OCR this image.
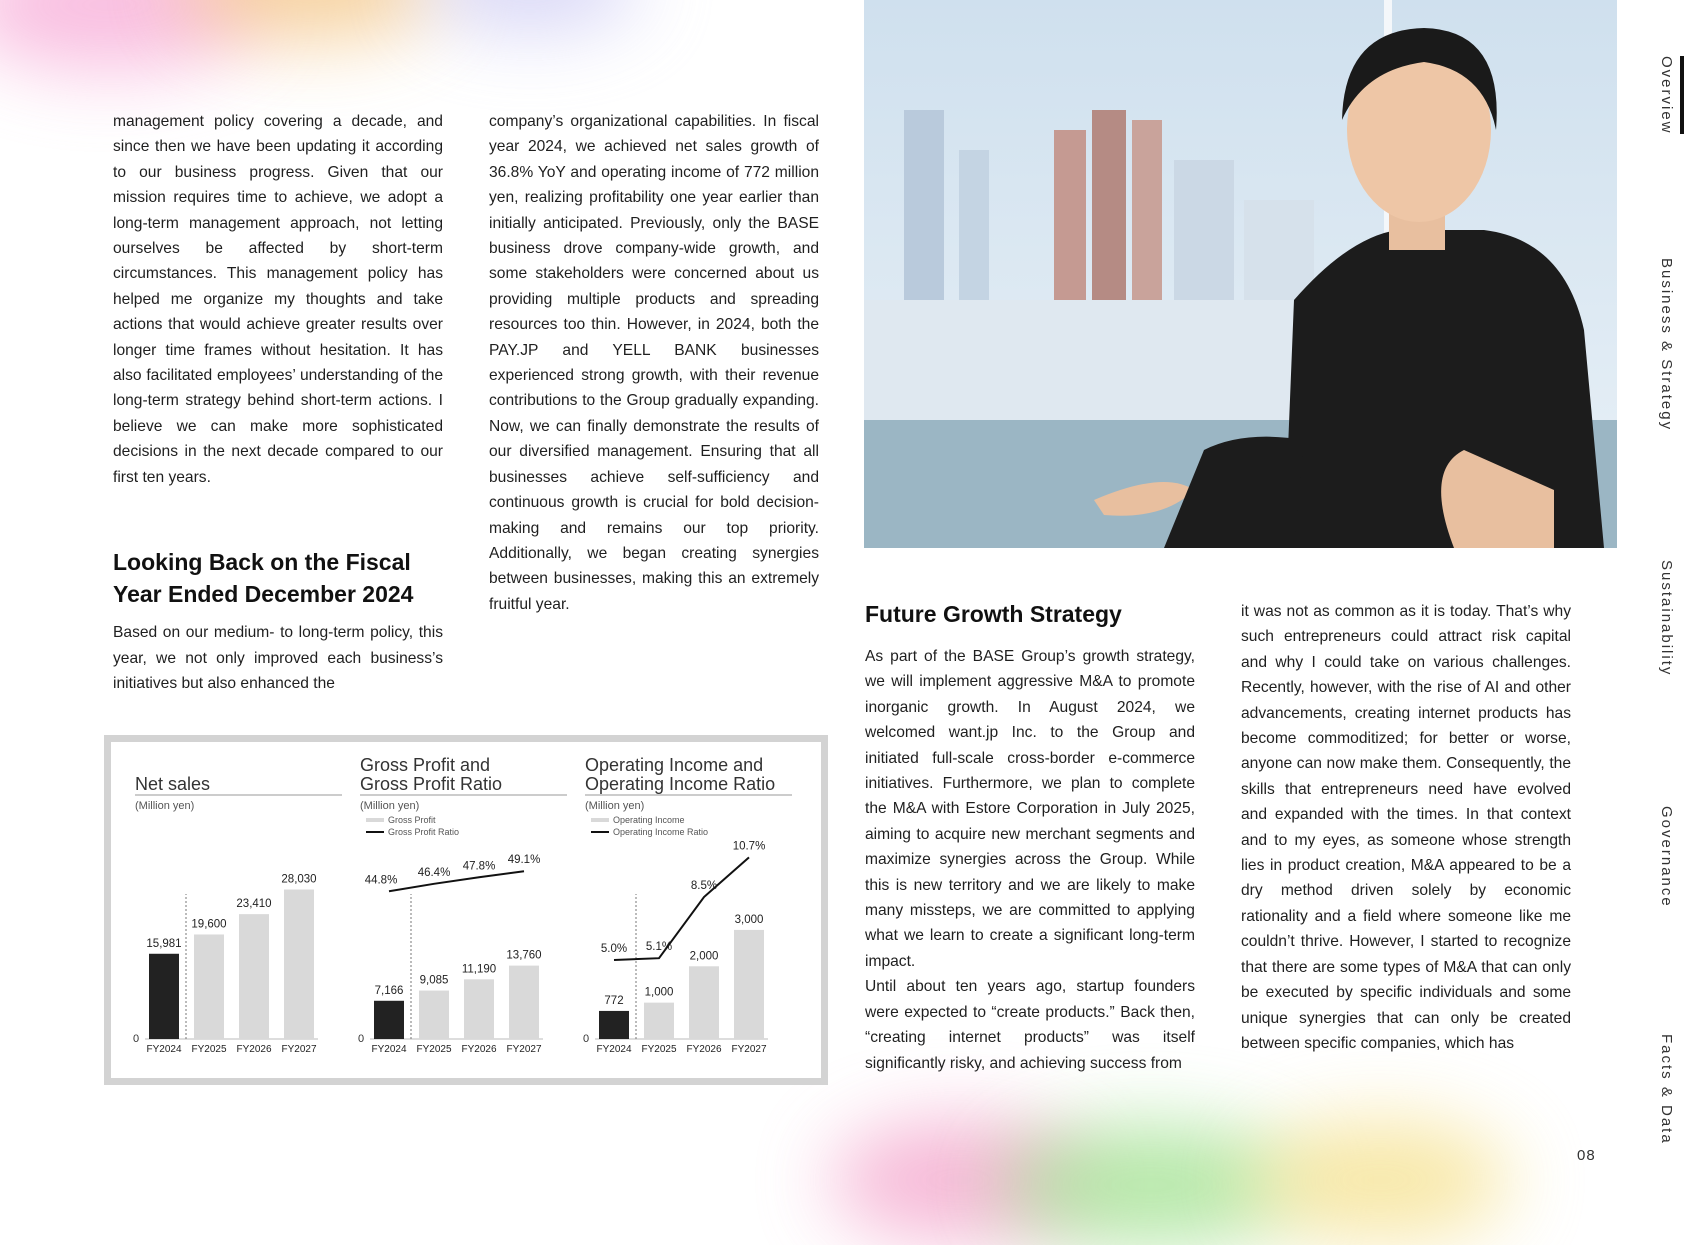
management policy covering a decade, and since then we have been updating it according to our business progress. Given that our mission requires time to achieve, we adopt a long-term management approach, not letting ourselves be affected by short-term circumstances. This management policy has helped me organize my thoughts and take actions that would achieve greater results over longer time frames without hesitation. It has also facilitated employees’ understanding of the long-term strategy behind short-term actions. I believe we can make more sophisticated decisions in the next decade compared to our first ten years.

Looking Back on the Fiscal Year Ended December 2024

Based on our medium- to long-term policy, this year, we not only improved each business’s initiatives but also enhanced the

company’s organizational capabilities. In fiscal year 2024, we achieved net sales growth of 36.8% YoY and operating income of 772 million yen, realizing profitability one year earlier than initially anticipated. Previously, only the BASE business drove company-wide growth, and some stakeholders were concerned about us providing multiple products and spreading resources too thin. However, in 2024, both the PAY.JP and YELL BANK businesses experienced strong growth, with their revenue contributions to the Group gradually expanding. Now, we can finally demonstrate the results of our diversified management. Ensuring that all businesses achieve self-sufficiency and continuous growth is crucial for bold decision-making and remains our top priority. Additionally, we began creating synergies between businesses, making this an extremely fruitful year.	Future Growth Strategy

As part of the BASE Group’s growth strategy, we will implement aggressive M&A to promote inorganic growth. In August 2024, we welcomed want.jp Inc. to the Group and initiated full-scale cross-border e-commerce initiatives. Furthermore, we plan to complete the M&A with Estore Corporation in July 2025, aiming to acquire new merchant segments and maximize synergies across the Group. While this is new territory and we are likely to make many missteps, we are committed to applying what we learn to create a significant long-term impact.

Until about ten years ago, startup founders were expected to “create products.” Back then, “creating internet products” was itself significantly risky, and achieving success from

it was not as common as it is today. That’s why such entrepreneurs could attract risk capital and why I could take on various challenges. Recently, however, with the rise of AI and other advancements, creating internet products has become commoditized; for better or worse, anyone can now make them. Consequently, the skills that entrepreneurs need have evolved and expanded with the times. In that context and to my eyes, as someone whose strength lies in product creation, M&A appeared to be a dry method driven solely by economic rationality and a field where someone like me couldn’t thrive. However, I started to recognize that there are some types of M&A that can only be executed by specific individuals and some unique synergies that can only be created between specific companies, which has

Overview
Business & Strategy
Sustainability
Governance
Facts & Data
08
Net sales
(Million yen)
0
15,981
FY2024
19,600
FY2025
23,410
FY2026
28,030
FY2027
Gross Profit and
Gross Profit Ratio
(Million yen)
Gross Profit
Gross Profit Ratio
0
7,166
FY2024
9,085
FY2025
11,190
FY2026
13,760
FY2027
44.8%
46.4%
47.8%
49.1%
Operating Income and
Operating Income Ratio
(Million yen)
Operating Income
Operating Income Ratio
0
772
FY2024
1,000
FY2025
2,000
FY2026
3,000
FY2027
5.0% 5.1%
8.5%
10.7%
